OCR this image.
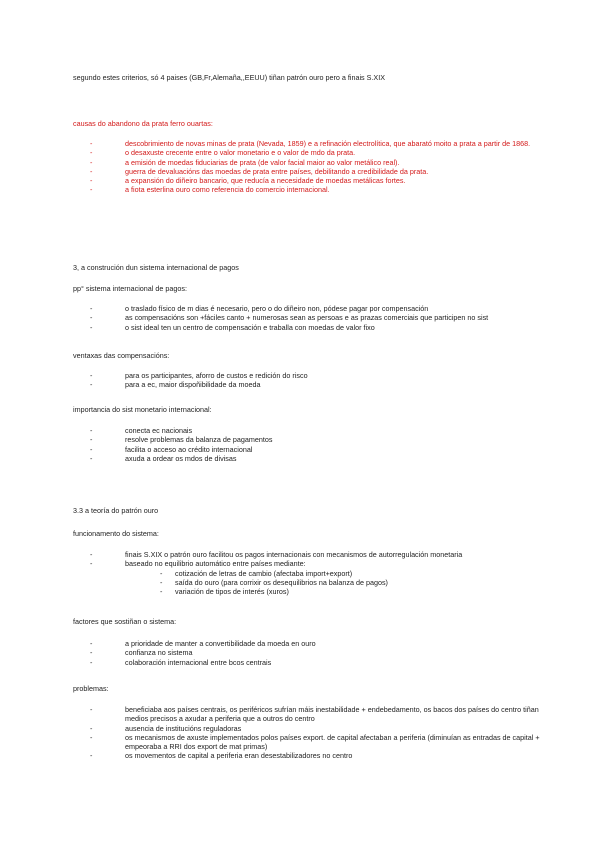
segundo estes criterios, só 4 paises (GB,Fr,Alemaña,,EEUU) tiñan patrón ouro pero a finais S.XIX
causas do abandono da prata ferro ouartas:
- descobrimiento de novas minas de prata (Nevada, 1859) e a refinación electrolítica, que abarató moito a prata a partir de 1868.
- o desaxuste crecente entre o valor monetario e o valor de mdo da prata.
- a emisión de moedas fiduciarias de prata (de valor facial maior ao valor metálico real).
- guerra de devaluacións das moedas de prata entre países, debilitando a credibilidade da prata.
- a expansión do diñeiro bancario, que reducía a necesidade de moedas metálicas fortes.
- a fiota esterlina ouro como referencia do comercio internacional.
3, a construción dun sistema internacional de pagos
pp° sistema internacional de pagos:
- o traslado físico de m dias é necesario, pero o do diñeiro non, pódese pagar por compensación
- as compensacións son +fáciles canto + numerosas sean as persoas e as prazas comerciais que participen no sist
- o sist ideal ten un centro de compensación e traballa con moedas de valor fixo
ventaxas das compensacións:
- para os participantes, aforro de custos e redición do risco
- para a ec, maior dispoñibilidade da moeda
importancia do sist monetario internacional:
- conecta ec nacionais
- resolve problemas da balanza de pagamentos
- facilita o acceso ao crédito internacional
- axuda a ordear os mdos de divisas
3.3 a teoría do patrón ouro
funcionamento do sistema:
- finais S.XIX o patrón ouro facilitou os pagos internacionais con mecanismos de autorregulación monetaria
- baseado no equilibrio automático entre países mediante:
- cotización de letras de cambio (afectaba import+export)
- saída do ouro (para corrixir os desequilibrios na balanza de pagos)
- variación de tipos de interés (xuros)
factores que sostiñan o sistema:
- a prioridade de manter a convertibilidade da moeda en ouro
- confianza no sistema
- colaboración internacional entre bcos centrais
problemas:
- beneficiaba aos países centrais, os periféricos sufrían máis inestabilidade + endebedamento, os bacos dos países do centro tiñan medios precisos a axudar a periferia que a outros do centro
- ausencia de institucións reguladoras
- os mecanismos de axuste implementados polos países export. de capital afectaban a periferia (diminuían as entradas de capital + empeoraba a RRI dos export de mat primas)
- os movementos de capital a periferia eran desestabilizadores no centro
